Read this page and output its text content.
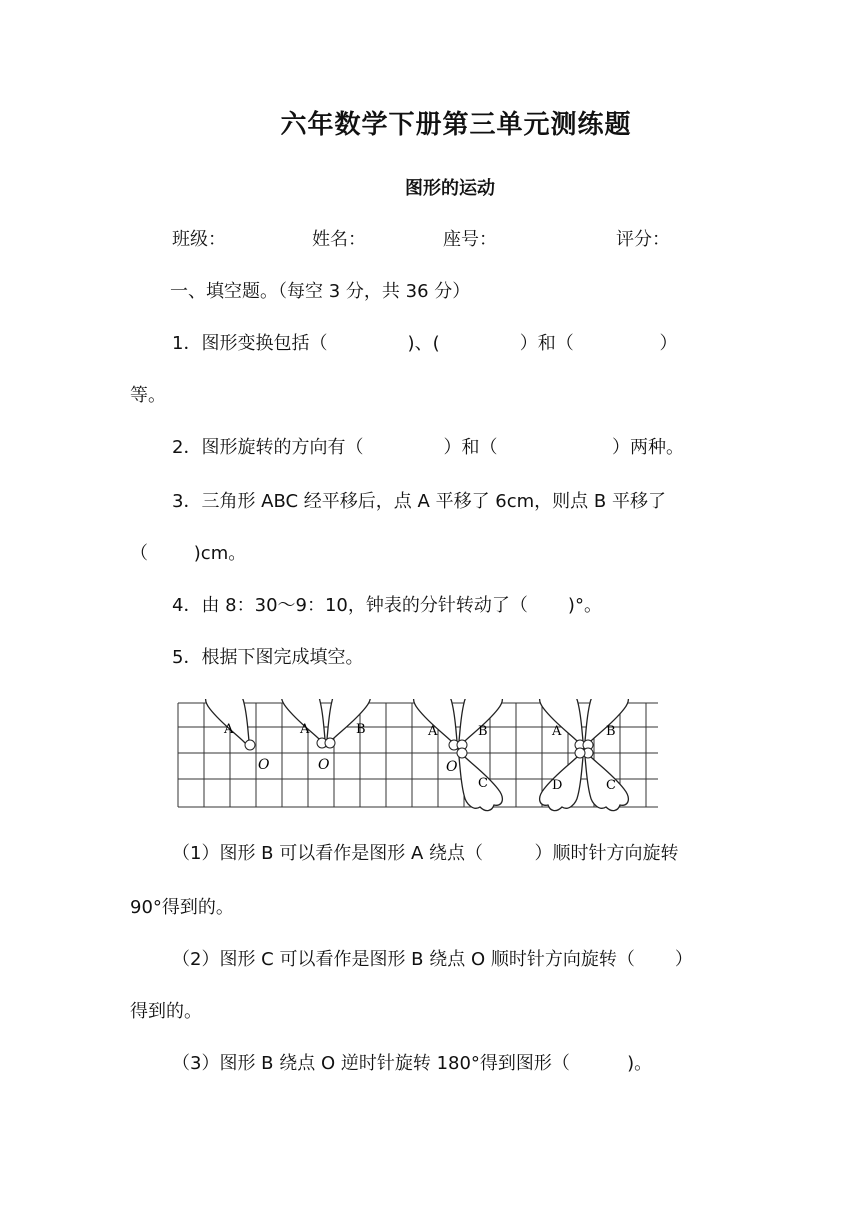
六年数学下册第三单元测练题
图形的运动

班级：

	姓名：

	座号：

	评分：

一、填空题。（每空 3 分，共 36 分）
1．图形变换包括（              )、(              ）和（               ）
等。
2．图形旋转的方向有（              ）和（                    ）两种。
3．三角形 ABC 经平移后，点 A 平移了 6cm，则点 B 平移了
（        )cm。
4．由 8：30～9：10，钟表的分针转动了（       )°。
5．根据下图完成填空。
A
O
A	B
O
A	B
C
O
A	B
C
D
（1）图形 B 可以看作是图形 A 绕点（         ）顺时针方向旋转
90°得到的。
（2）图形 C 可以看作是图形 B 绕点 O 顺时针方向旋转（       ）
得到的。
（3）图形 B 绕点 O 逆时针旋转 180°得到图形（          )。
